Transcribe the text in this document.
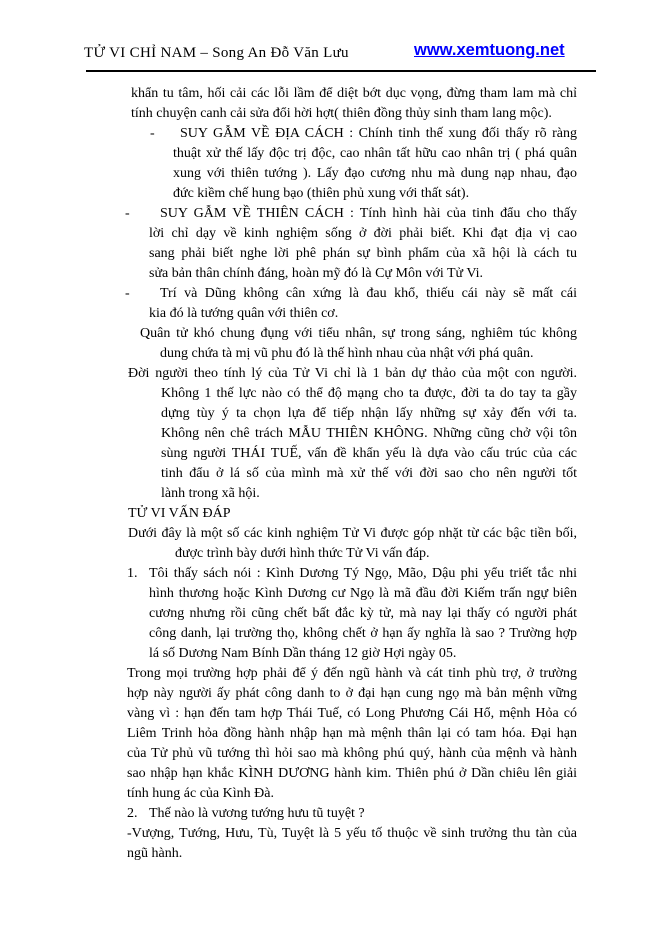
TỬ VI CHỈ NAM – Song An Đỗ Văn Lưu	www.xemtuong.net
khẩn tu tâm, hối cải các lỗi lầm để diệt bớt dục vọng, đừng tham lam mà chỉ
tính chuyện canh cải sửa đổi hời hợt( thiên đồng thủy sinh tham lang mộc).
- SUY GẪM VỀ ĐỊA CÁCH : Chính tinh thế xung đối thấy rõ ràng
thuật xử thế lấy độc trị độc, cao nhân tất hữu cao nhân trị ( phá quân
xung với thiên tướng ). Lấy đạo cương nhu mà dung nạp nhau, đạo
đức kiềm chế hung bạo (thiên phủ xung với thất sát).
- SUY GẪM VỀ THIÊN CÁCH : Tính hình hài của tinh đẩu cho thấy
lời chỉ dạy về kinh nghiệm sống ở đời phải biết. Khi đạt địa vị cao
sang phải biết nghe lời phê phán sự bình phẩm của xã hội là cách tu
sửa bản thân chính đáng, hoàn mỹ đó là Cự Môn với Tử Vi.
- Trí và Dũng không cân xứng là đau khổ, thiếu cái này sẽ mất cái
kia đó là tướng quân với thiên cơ.
Quân tử khó chung đụng với tiểu nhân, sự trong sáng, nghiêm túc không
dung chứa tà mị vũ phu đó là thế hình nhau của nhật với phá quân.
Đời người theo tính lý của Tử Vi chỉ là 1 bản dự thảo của một con người.
Không 1 thế lực nào có thể độ mạng cho ta được, đời ta do tay ta gầy
dựng tùy ý ta chọn lựa để tiếp nhận lấy những sự xảy đến với ta.
Không nên chê trách MẪU THIÊN KHÔNG. Những cũng chở vội tôn
sùng người THÁI TUẾ, vấn đề khẩn yếu là dựa vào cấu trúc của các
tinh đẩu ở lá số của mình mà xử thế với đời sao cho nên người tốt
lành trong xã hội.
TỬ VI VẤN ĐÁP
Dưới đây là một số các kinh nghiệm Tử Vi được góp nhặt từ các bậc tiền bối,
được trình bày dưới hình thức Tử Vi vấn đáp.
1. Tôi thấy sách nói : Kình Dương Tý Ngọ, Mão, Dậu phi yểu triết tắc nhi
hình thương hoặc Kình Dương cư Ngọ là mã đầu đời Kiếm trấn ngự biên
cương nhưng rồi cũng chết bất đắc kỳ tử, mà nay lại thấy có người phát
công danh, lại trường thọ, không chết ở hạn ấy nghĩa là sao ? Trường hợp
lá số Dương Nam Bính Dần tháng 12 giờ Hợi ngày 05.
Trong mọi trường hợp phải để ý đến ngũ hành và cát tinh phù trợ, ở trường
hợp này người ấy phát công danh to ở đại hạn cung ngọ mà bản mệnh vững
vàng vì : hạn đến tam hợp Thái Tuế, có Long Phương Cái Hổ, mệnh Hỏa có
Liêm Trinh hỏa đồng hành nhập hạn mà mệnh thân lại có tam hóa. Đại hạn
của Tử phủ vũ tướng thì hỏi sao mà không phú quý, hành của mệnh và hành
sao nhập hạn khắc KÌNH DƯƠNG hành kim. Thiên phú ở Dần chiêu lên giải
tính hung ác của Kình Đà.
2. Thế nào là vương tướng hưu tũ tuyệt ?
-Vượng, Tướng, Hưu, Tù, Tuyệt là 5 yếu tố thuộc về sinh trưởng thu tàn của
ngũ hành.
